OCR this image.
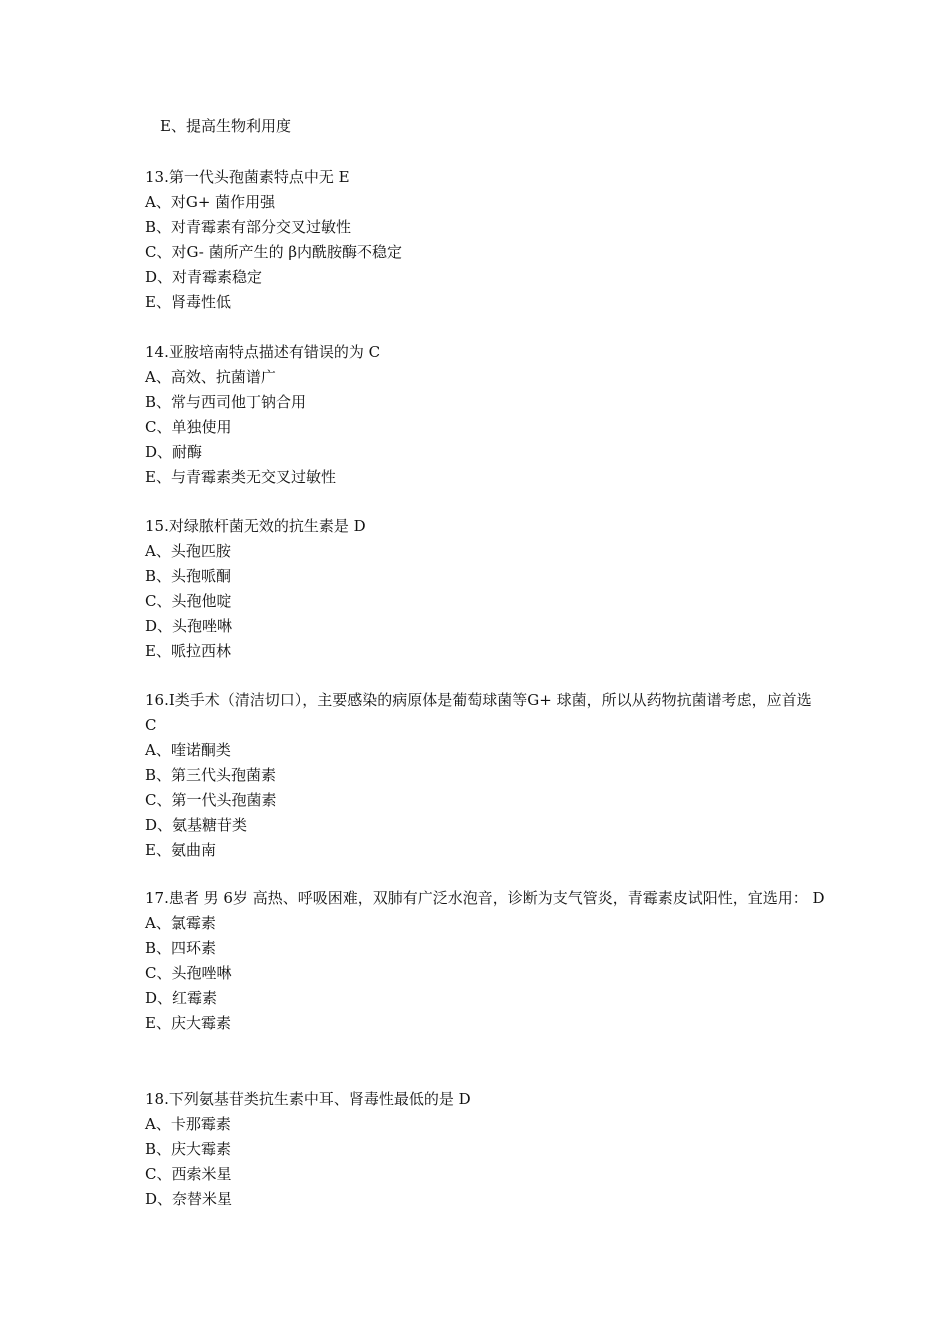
E、提高生物利用度
13.第一代头孢菌素特点中无 E
A、对G+ 菌作用强
B、对青霉素有部分交叉过敏性
C、对G- 菌所产生的 β内酰胺酶不稳定
D、对青霉素稳定
E、肾毒性低
14.亚胺培南特点描述有错误的为 C
A、高效、抗菌谱广
B、常与西司他丁钠合用
C、单独使用
D、耐酶
E、与青霉素类无交叉过敏性
15.对绿脓杆菌无效的抗生素是 D
A、头孢匹胺
B、头孢哌酮
C、头孢他啶
D、头孢唑啉
E、哌拉西林
16.Ⅰ类手术（清洁切口），主要感染的病原体是葡萄球菌等G+ 球菌，所以从药物抗菌谱考虑，应首选 C
A、喹诺酮类
B、第三代头孢菌素
C、第一代头孢菌素
D、氨基糖苷类
E、氨曲南
17.患者 男 6岁 高热、呼吸困难，双肺有广泛水泡音，诊断为支气管炎，青霉素皮试阳性，宜选用： D
A、氯霉素
B、四环素
C、头孢唑啉
D、红霉素
E、庆大霉素
18.下列氨基苷类抗生素中耳、肾毒性最低的是 D
A、卡那霉素
B、庆大霉素
C、西索米星
D、奈替米星
